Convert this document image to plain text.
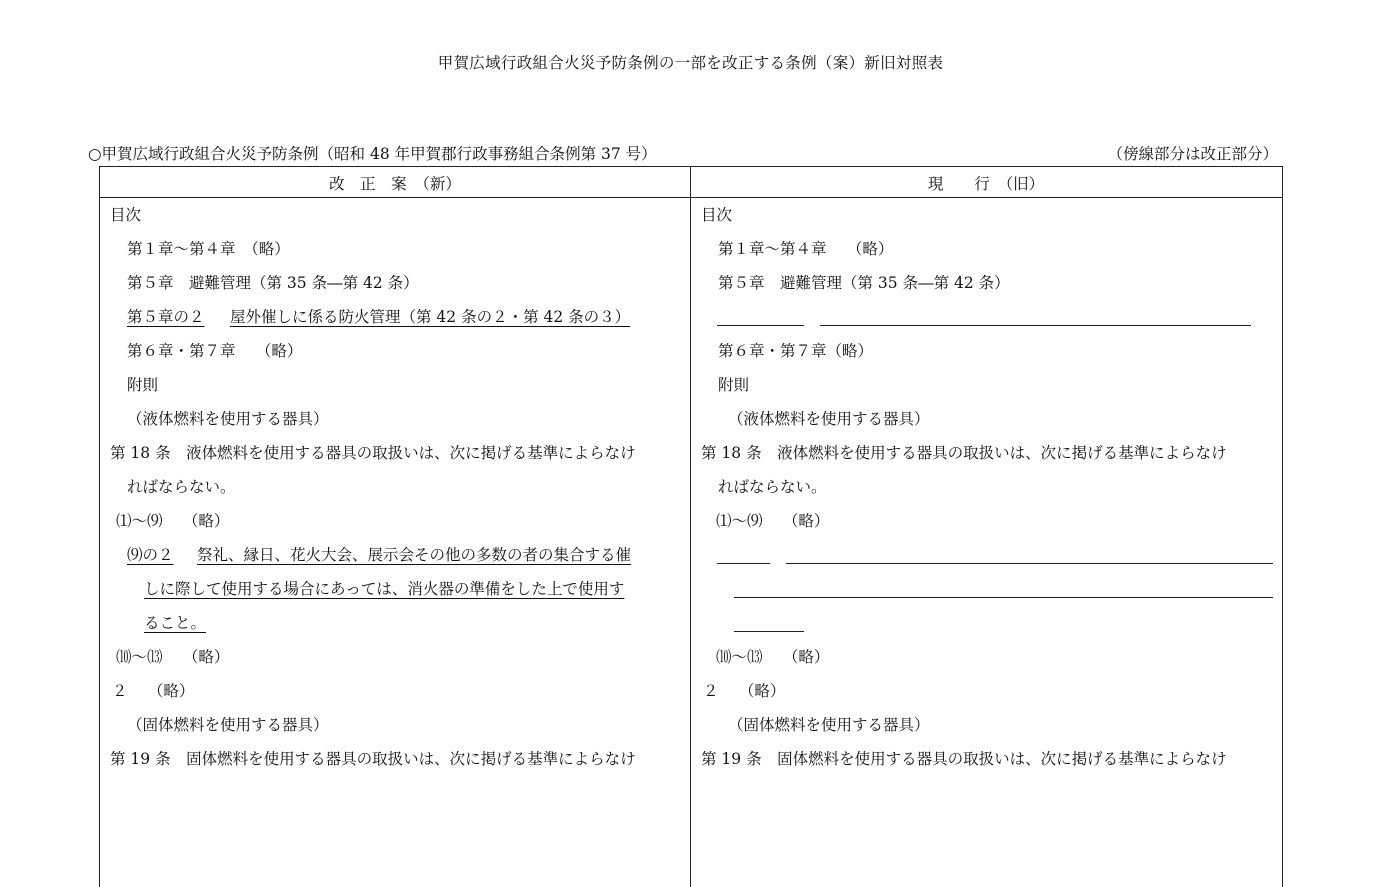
甲賀広域行政組合火災予防条例の一部を改正する条例（案）新旧対照表
○甲賀広域行政組合火災予防条例（昭和 48 年甲賀郡行政事務組合条例第 37 号）	（傍線部分は改正部分）
改　正　案　（新）	現　　行　（旧）
目次
第１章～第４章　（略）
第５章　避難管理（第 35 条―第 42 条）
第５章の２ 屋外催しに係る防火管理（第 42 条の２・第 42 条の３）
第６章・第７章　 （略）
附則
（液体燃料を使用する器具）
第 18 条　液体燃料を使用する器具の取扱いは、次に掲げる基準によらなけ
ればならない。
⑴～⑼　 （略）
⑼の２ 祭礼、縁日、花火大会、展示会その他の多数の者の集合する催
しに際して使用する場合にあっては、消火器の準備をした上で使用す
ること。
⑽～⒀　 （略）
２　 （略）
（固体燃料を使用する器具）
第 19 条　固体燃料を使用する器具の取扱いは、次に掲げる基準によらなけ
目次
第１章～第４章　 （略）
第５章　避難管理（第 35 条―第 42 条）
第６章・第７章（略）
附則
（液体燃料を使用する器具）
第 18 条　液体燃料を使用する器具の取扱いは、次に掲げる基準によらなけ
ればならない。
⑴～⑼　 （略）
⑽～⒀　 （略）
２　 （略）
（固体燃料を使用する器具）
第 19 条　固体燃料を使用する器具の取扱いは、次に掲げる基準によらなけ
